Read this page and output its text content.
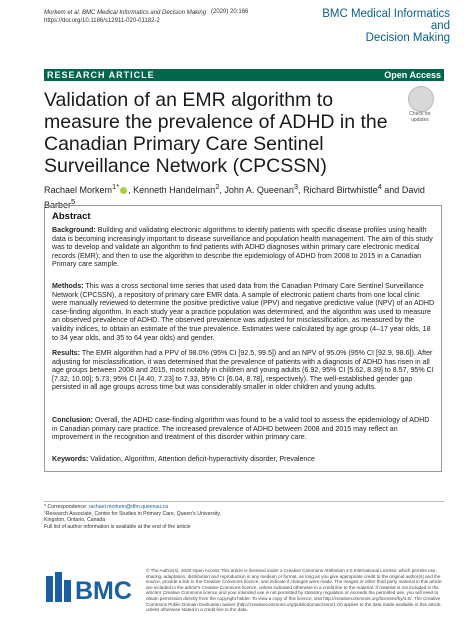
Morkem et al. BMC Medical Informatics and Decision Making
https://doi.org/10.1186/s12911-020-01182-2
(2020) 20:166	BMC Medical Informatics and
Decision Making
RESEARCH ARTICLE	Open Access
Validation of an EMR algorithm to measure the prevalence of ADHD in the Canadian Primary Care Sentinel Surveillance Network (CPCSSN)
Check for
updates
Rachael Morkem$^{1*}$ , Kenneth Handelman$^2$, John A. Queenan$^3$, Richard Birtwhistle$^4$ and David Barber$^5$
Abstract

Background: Building and validating electronic algorithms to identify patients with specific disease profiles using health data is becoming increasingly important to disease surveillance and population health management. The aim of this study was to develop and validate an algorithm to find patients with ADHD diagnoses within primary care electronic medical records (EMR); and then to use the algorithm to describe the epidemiology of ADHD from 2008 to 2015 in a Canadian Primary care sample.

Methods: This was a cross sectional time series that used data from the Canadian Primary Care Sentinel Surveillance Network (CPCSSN), a repository of primary care EMR data. A sample of electronic patient charts from one local clinic were manually reviewed to determine the positive predictive value (PPV) and negative predictive value (NPV) of an ADHD case-finding algorithm. In each study year a practice population was determined, and the algorithm was used to measure an observed prevalence of ADHD. The observed prevalence was adjusted for misclassification, as measured by the validity indices, to obtain an estimate of the true prevalence. Estimates were calculated by age group (4–17 year olds, 18 to 34 year olds, and 35 to 64 year olds) and gender.

Results: The EMR algorithm had a PPV of 98.0% (95% CI [92.5, 99.5]) and an NPV of 95.0% (95% CI [92.9, 98.6]). After adjusting for misclassification, it was determined that the prevalence of patients with a diagnosis of ADHD has risen in all age groups between 2008 and 2015, most notably in children and young adults (6.92, 95% CI [5.62, 8.39] to 8.57, 95% CI [7.32, 10.00]; 5.73, 95% CI [4.40, 7.23] to 7.33, 95% CI [6.04, 8.78], respectively). The well-established gender gap persisted in all age groups across time but was considerably smaller in older children and young adults.

Conclusion: Overall, the ADHD case-finding algorithm was found to be a valid tool to assess the epidemiology of ADHD in Canadian primary care practice. The increased prevalence of ADHD between 2008 and 2015 may reflect an improvement in the recognition and treatment of this disorder within primary care.

Keywords: Validation, Algorithm, Attention deficit-hyperactivity disorder, Prevalence

* Correspondence: rachael.morkem@dfm.queensu.ca
¹Research Associate, Centre for Studies in Primary Care, Queen's University,
Kingston, Ontario, Canada
Full list of author information is available at the end of the article
BMC
© The Author(s). 2020 Open Access This article is licensed under a Creative Commons Attribution 4.0 International License, which permits use, sharing, adaptation, distribution and reproduction in any medium or format, as long as you give appropriate credit to the original author(s) and the source, provide a link to the Creative Commons licence, and indicate if changes were made. The images or other third party material in this article are included in the article's Creative Commons licence, unless indicated otherwise in a credit line to the material. If material is not included in the article's Creative Commons licence and your intended use is not permitted by statutory regulation or exceeds the permitted use, you will need to obtain permission directly from the copyright holder. To view a copy of this licence, visit http://creativecommons.org/licenses/by/4.0/. The Creative Commons Public Domain Dedication waiver (http://creativecommons.org/publicdomain/zero/1.0/) applies to the data made available in this article, unless otherwise stated in a credit line to the data.
